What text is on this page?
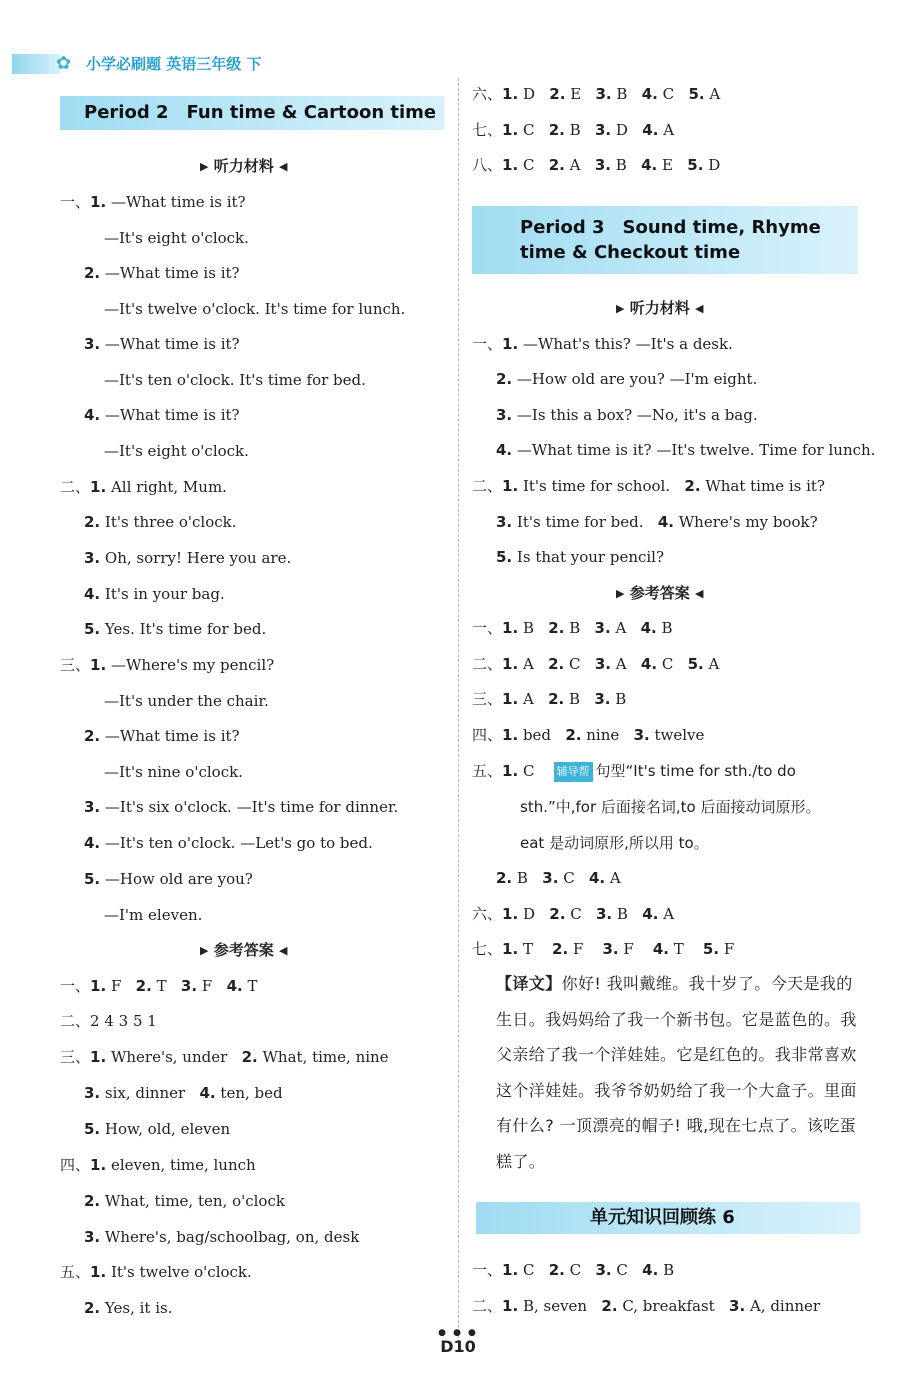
✿ 小学必刷题 英语三年级 下
Period 2　Fun time & Cartoon time
▶ 听力材料 ◀
一、1. —What time is it?
—It's eight o'clock.
2. —What time is it?
—It's twelve o'clock. It's time for lunch.
3. —What time is it?
—It's ten o'clock. It's time for bed.
4. —What time is it?
—It's eight o'clock.
二、1. All right, Mum.
2. It's three o'clock.
3. Oh, sorry! Here you are.
4. It's in your bag.
5. Yes. It's time for bed.
三、1. —Where's my pencil?
—It's under the chair.
2. —What time is it?
—It's nine o'clock.
3. —It's six o'clock. —It's time for dinner.
4. —It's ten o'clock. —Let's go to bed.
5. —How old are you?
—I'm eleven.
▶ 参考答案 ◀
一、1. F 2. T 3. F 4. T
二、2 4 3 5 1
三、1. Where's, under 2. What, time, nine
3. six, dinner 4. ten, bed
5. How, old, eleven
四、1. eleven, time, lunch
2. What, time, ten, o'clock
3. Where's, bag/schoolbag, on, desk
五、1. It's twelve o'clock.
2. Yes, it is.
六、1. D 2. E 3. B 4. C 5. A
七、1. C 2. B 3. D 4. A
八、1. C 2. A 3. B 4. E 5. D
Period 3　Sound time, Rhyme
time & Checkout time
▶ 听力材料 ◀
一、1. —What's this? —It's a desk.
2. —How old are you? —I'm eight.
3. —Is this a box? —No, it's a bag.
4. —What time is it? —It's twelve. Time for lunch.
二、1. It's time for school. 2. What time is it?
3. It's time for bed. 4. Where's my book?
5. Is that your pencil?
▶ 参考答案 ◀
一、1. B 2. B 3. A 4. B
二、1. A 2. C 3. A 4. C 5. A
三、1. A 2. B 3. B
四、1. bed 2. nine 3. twelve
五、1. C 辅导帮 句型“It's time for sth./to do
sth.”中,for 后面接名词,to 后面接动词原形。
eat 是动词原形,所以用 to。
2. B 3. C 4. A
六、1. D 2. C 3. B 4. A
七、1. T 2. F 3. F 4. T 5. F
【译文】你好! 我叫戴维。我十岁了。今天是我的生日。我妈妈给了我一个新书包。它是蓝色的。我父亲给了我一个洋娃娃。它是红色的。我非常喜欢这个洋娃娃。我爷爷奶奶给了我一个大盒子。里面有什么? 一顶漂亮的帽子! 哦,现在七点了。该吃蛋糕了。
单元知识回顾练 6
一、1. C 2. C 3. C 4. B
二、1. B, seven 2. C, breakfast 3. A, dinner
● ● ●
D10
